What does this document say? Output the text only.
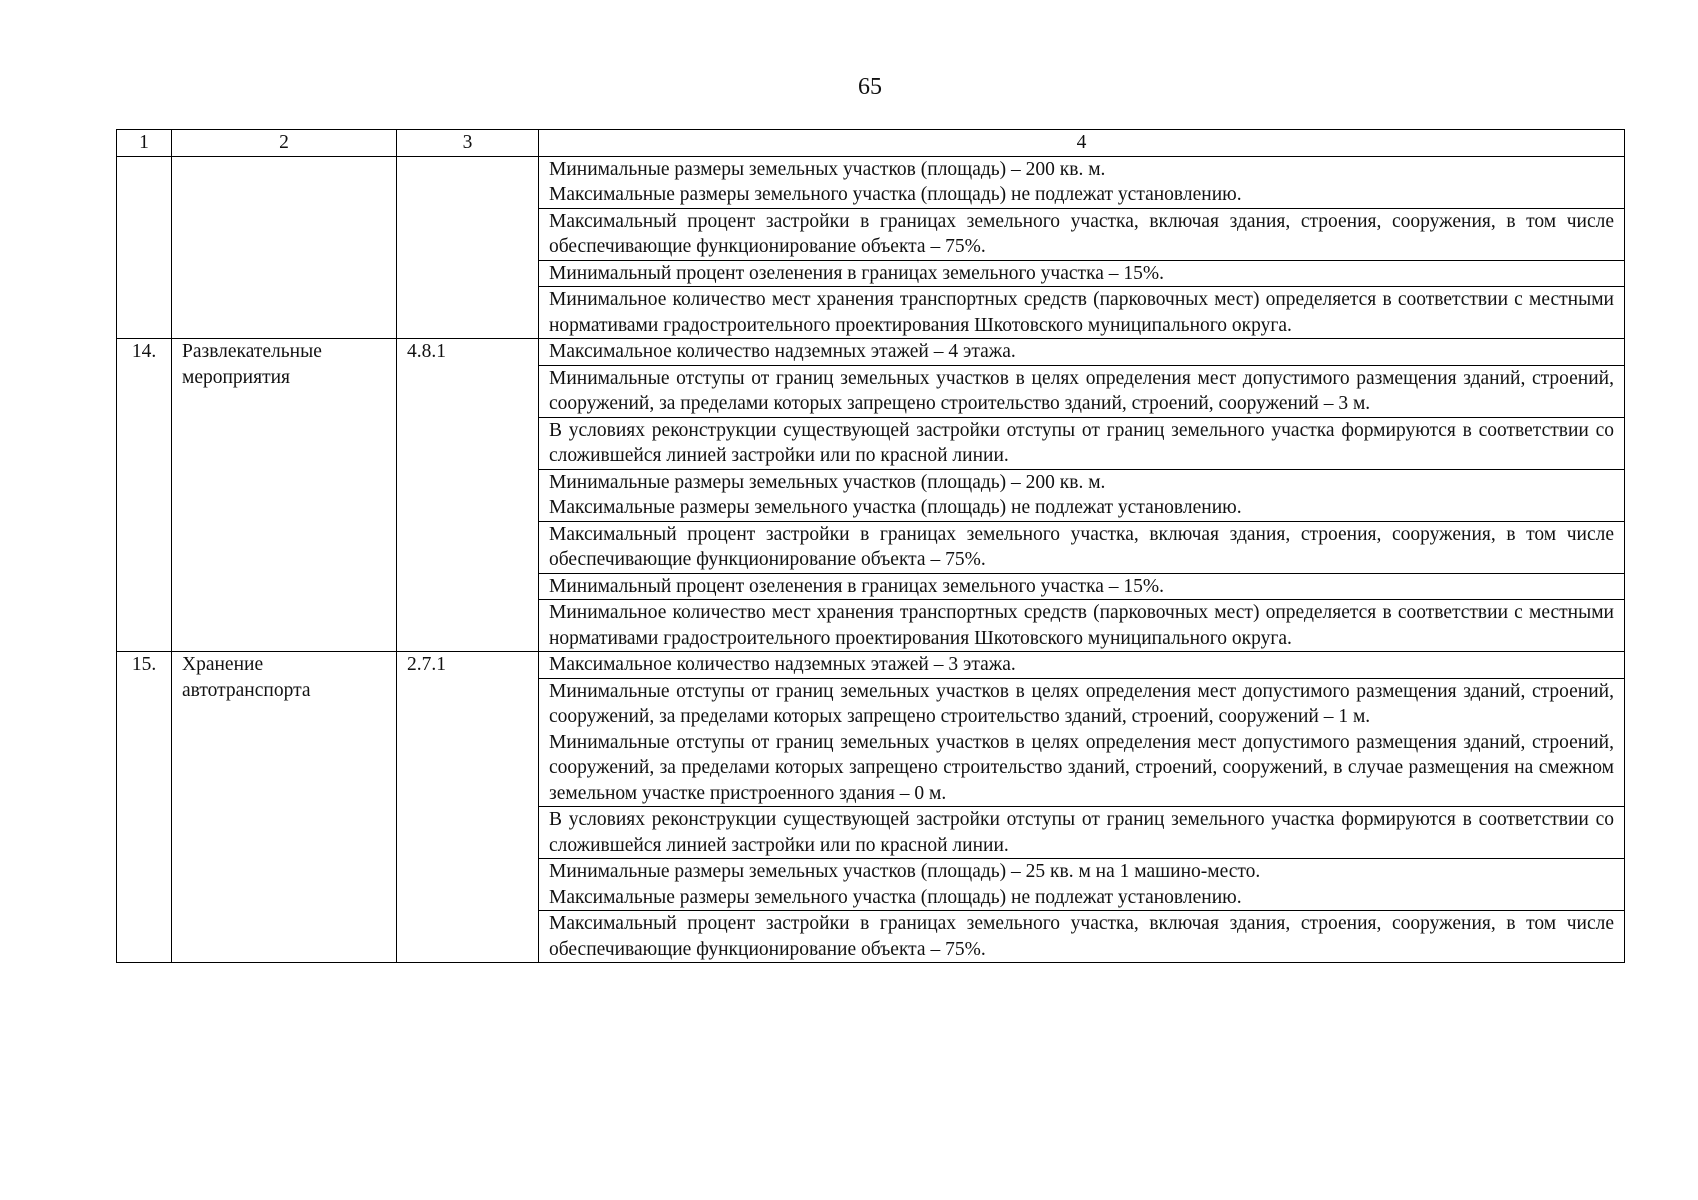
65
1	2	3	4

			Минимальные размеры земельных участков (площадь) – 200 кв. м.
Максимальные размеры земельного участка (площадь) не подлежат установлению.

			Максимальный процент застройки в границах земельного участка, включая здания, строения, сооружения, в том числе обеспечивающие функционирование объекта – 75%.

			Минимальный процент озеленения в границах земельного участка – 15%.

			Минимальное количество мест хранения транспортных средств (парковочных мест) определяется в соответствии с местными нормативами градостроительного проектирования Шкотовского муниципального округа.

14.	Развлекательные мероприятия	4.8.1	Максимальное количество надземных этажей – 4 этажа.

			Минимальные отступы от границ земельных участков в целях определения мест допустимого размещения зданий, строений, сооружений, за пределами которых запрещено строительство зданий, строений, сооружений – 3 м.

			В условиях реконструкции существующей застройки отступы от границ земельного участка формируются в соответствии со сложившейся линией застройки или по красной линии.

			Минимальные размеры земельных участков (площадь) – 200 кв. м.
Максимальные размеры земельного участка (площадь) не подлежат установлению.

			Максимальный процент застройки в границах земельного участка, включая здания, строения, сооружения, в том числе обеспечивающие функционирование объекта – 75%.

			Минимальный процент озеленения в границах земельного участка – 15%.

			Минимальное количество мест хранения транспортных средств (парковочных мест) определяется в соответствии с местными нормативами градостроительного проектирования Шкотовского муниципального округа.

15.	Хранение автотранспорта	2.7.1	Максимальное количество надземных этажей – 3 этажа.

			Минимальные отступы от границ земельных участков в целях определения мест допустимого размещения зданий, строений, сооружений, за пределами которых запрещено строительство зданий, строений, сооружений – 1 м.
Минимальные отступы от границ земельных участков в целях определения мест допустимого размещения зданий, строений, сооружений, за пределами которых запрещено строительство зданий, строений, сооружений, в случае размещения на смежном земельном участке пристроенного здания – 0 м.

			В условиях реконструкции существующей застройки отступы от границ земельного участка формируются в соответствии со сложившейся линией застройки или по красной линии.

			Минимальные размеры земельных участков (площадь) – 25 кв. м на 1 машино-место.
Максимальные размеры земельного участка (площадь) не подлежат установлению.

			Максимальный процент застройки в границах земельного участка, включая здания, строения, сооружения, в том числе обеспечивающие функционирование объекта – 75%.
